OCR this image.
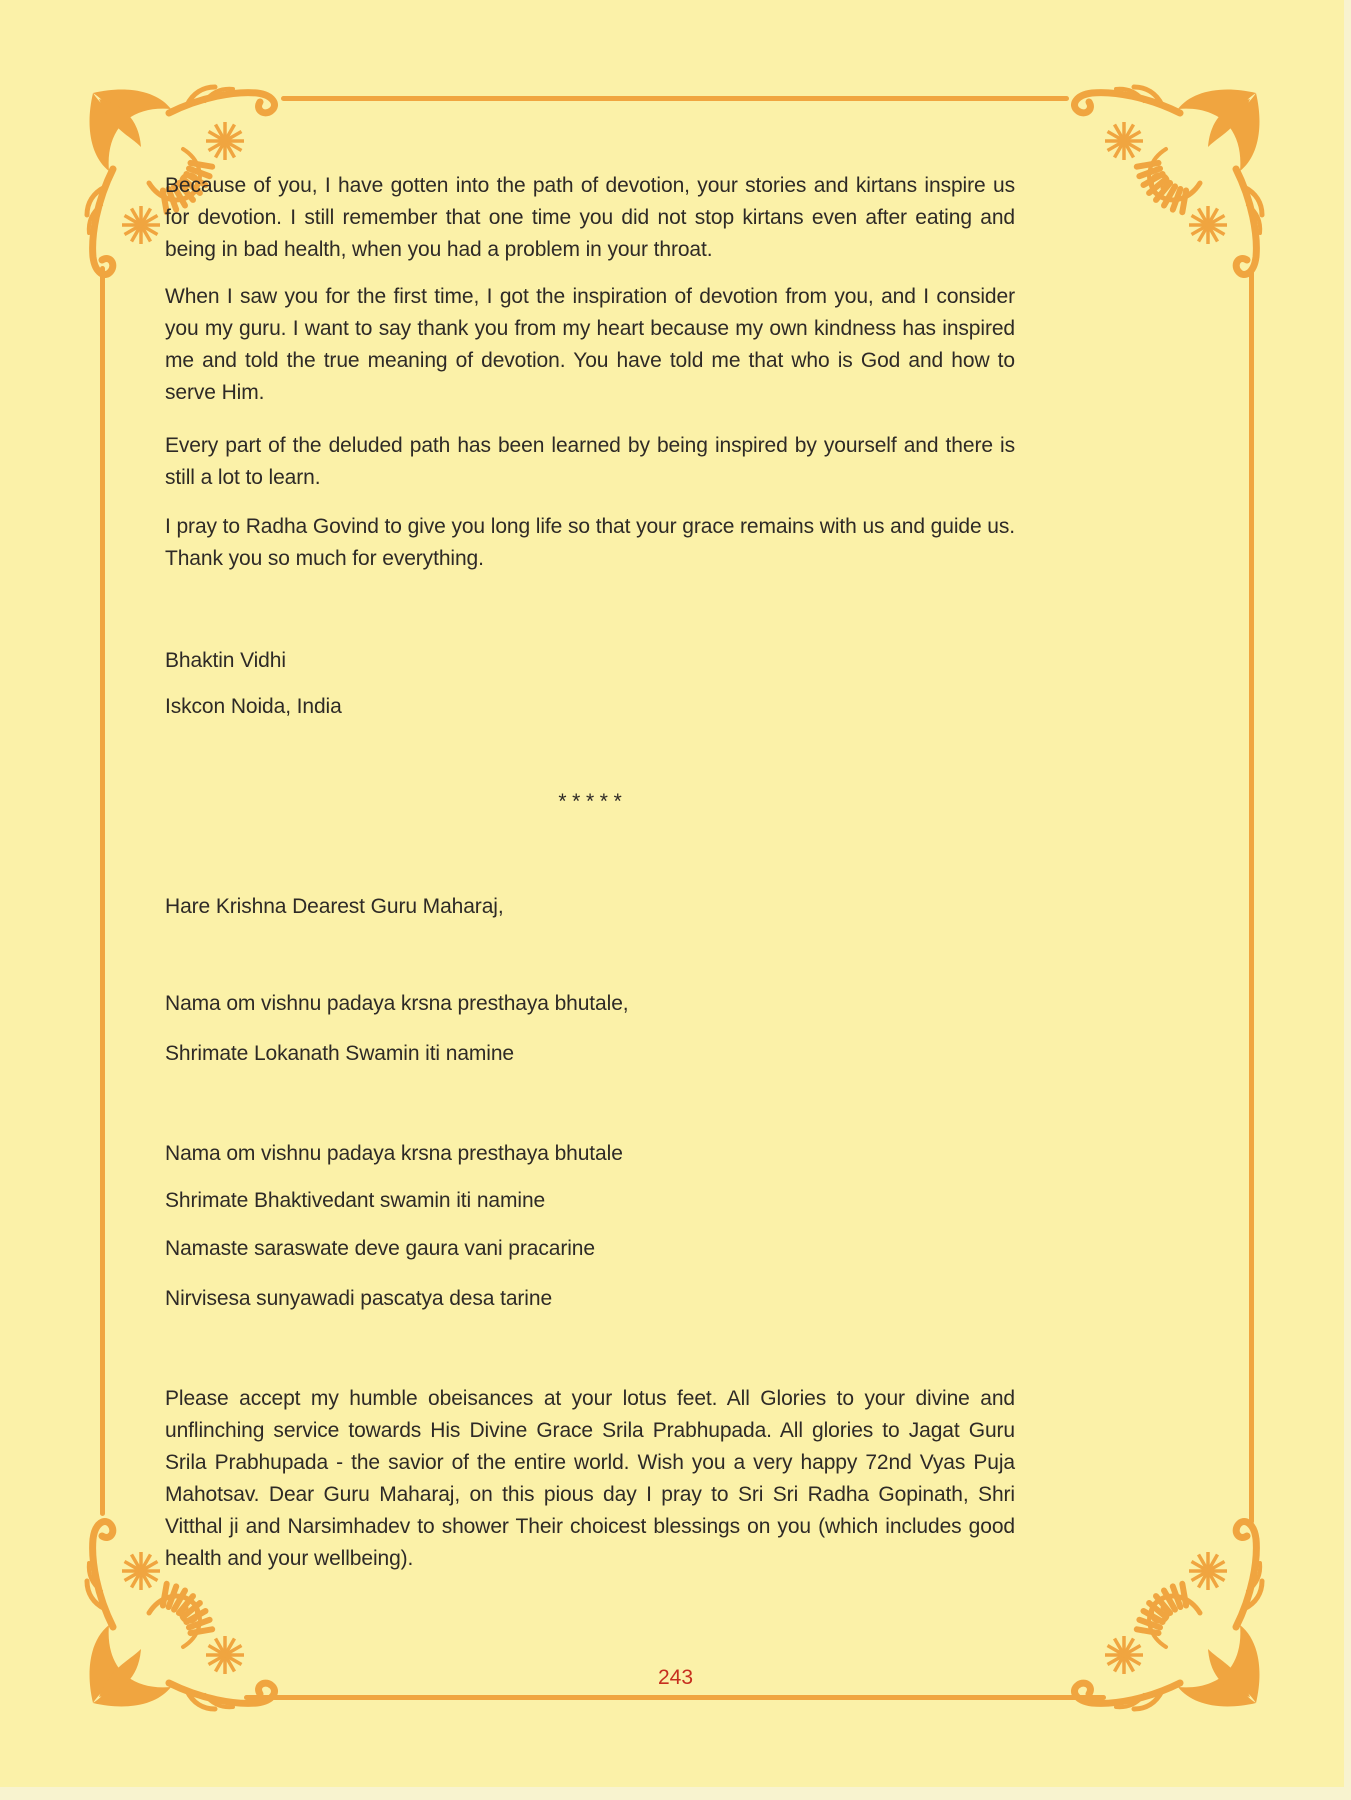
Because of you, I have gotten into the path of devotion, your stories and kirtans inspire us for devotion. I still remember that one time you did not stop kirtans even after eating and being in bad health, when you had a problem in your throat.

When I saw you for the first time, I got the inspiration of devotion from you, and I consider you my guru. I want to say thank you from my heart because my own kindness has inspired me and told the true meaning of devotion. You have told me that who is God and how to serve Him.

Every part of the deluded path has been learned by being inspired by yourself and there is still a lot to learn.

I pray to Radha Govind to give you long life so that your grace remains with us and guide us. Thank you so much for everything.

Bhaktin Vidhi

Iskcon Noida, India

* * * * *

Hare Krishna Dearest Guru Maharaj,

Nama om vishnu padaya krsna presthaya bhutale,

Shrimate Lokanath Swamin iti namine

Nama om vishnu padaya krsna presthaya bhutale

Shrimate Bhaktivedant swamin iti namine

Namaste saraswate deve gaura vani pracarine

Nirvisesa sunyawadi pascatya desa tarine

Please accept my humble obeisances at your lotus feet. All Glories to your divine and unflinching service towards His Divine Grace Srila Prabhupada. All glories to Jagat Guru Srila Prabhupada - the savior of the entire world. Wish you a very happy 72nd Vyas Puja Mahotsav. Dear Guru Maharaj, on this pious day I pray to Sri Sri Radha Gopinath, Shri Vitthal ji and Narsimhadev to shower Their choicest blessings on you (which includes good health and your wellbeing).

243
